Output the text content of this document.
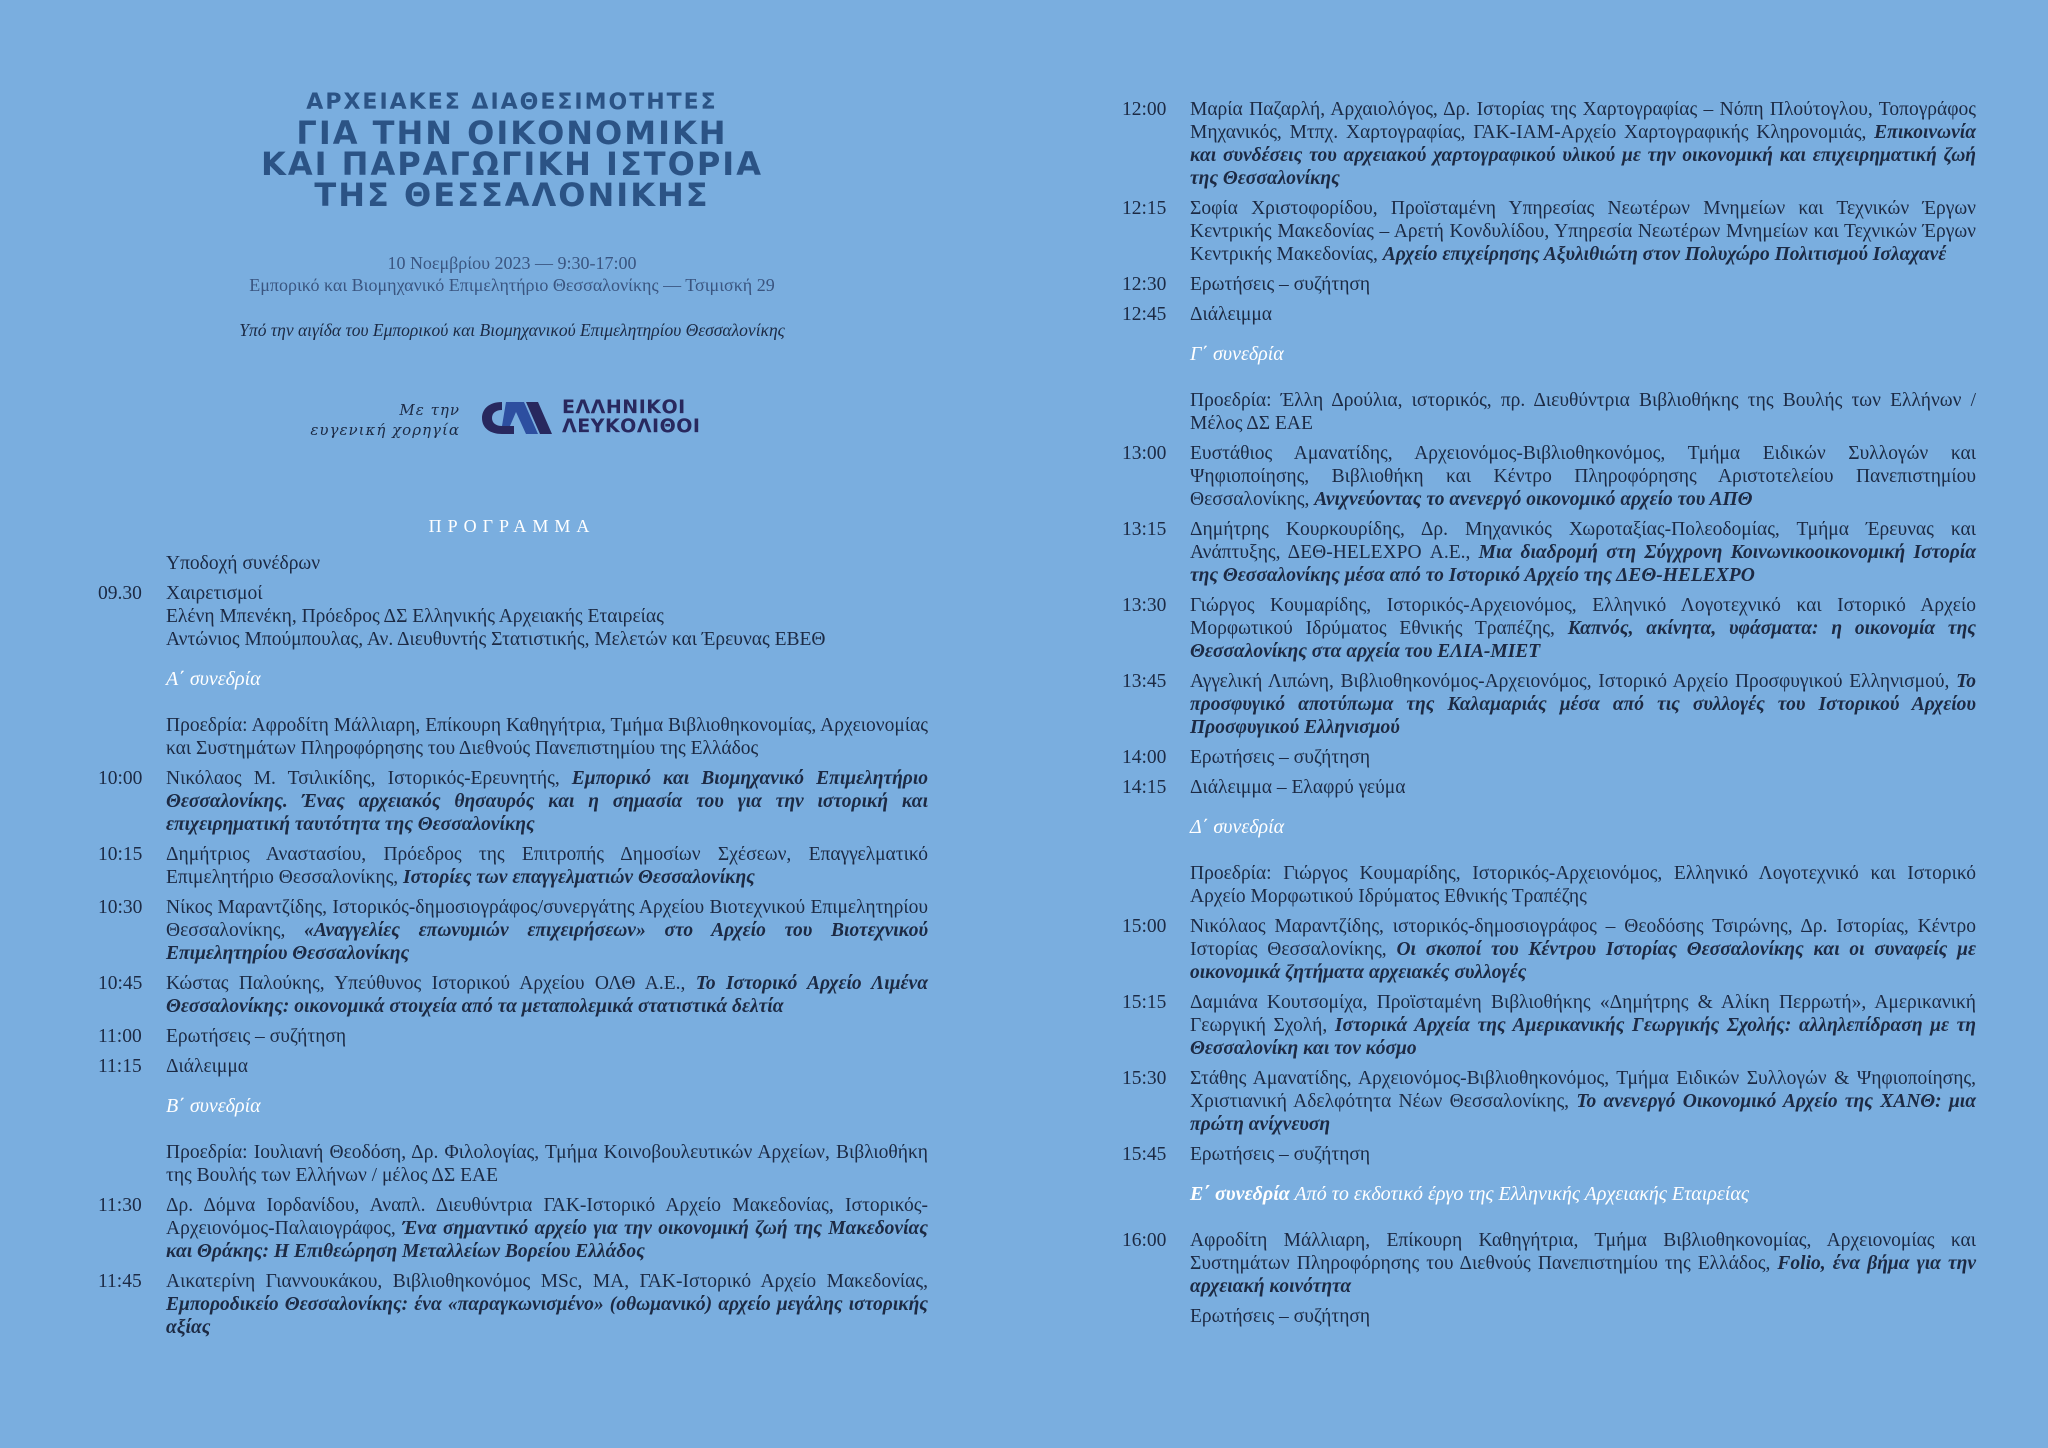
ΑΡΧΕΙΑΚΕΣ ΔΙΑΘΕΣΙΜΟΤΗΤΕΣ
ΓΙΑ ΤΗΝ ΟΙΚΟΝΟΜΙΚΗ
ΚΑΙ ΠΑΡΑΓΩΓΙΚΗ ΙΣΤΟΡΙΑ
ΤΗΣ ΘΕΣΣΑΛΟΝΙΚΗΣ
10 Νοεμβρίου 2023 — 9:30-17:00
Εμπορικό και Βιομηχανικό Επιμελητήριο Θεσσαλονίκης — Τσιμισκή 29
Υπό την αιγίδα του Εμπορικού και Βιομηχανικού Επιμελητηρίου Θεσσαλονίκης
Με την
ευγενική χορηγία
ΕΛΛΗΝΙΚΟΙ
ΛΕΥΚΟΛΙΘΟΙ
ΠΡΟΓΡΑΜΜΑ
Υποδοχή συνέδρων
09.30	Χαιρετισμοί
Ελένη Μπενέκη, Πρόεδρος ΔΣ Ελληνικής Αρχειακής Εταιρείας
Αντώνιος Μπούμπουλας, Αν. Διευθυντής Στατιστικής, Μελετών και Έρευνας ΕΒΕΘ
Α΄ συνεδρία
Προεδρία: Αφροδίτη Μάλλιαρη, Επίκουρη Καθηγήτρια, Τμήμα Βιβλιοθηκονομίας, Αρχειονομίας και Συστημάτων Πληροφόρησης του Διεθνούς Πανεπιστημίου της Ελλάδος
10:00	Νικόλαος Μ. Τσιλικίδης, Ιστορικός-Ερευνητής, Εμπορικό και Βιομηχανικό Επιμελητήριο Θεσσαλονίκης. Ένας αρχειακός θησαυρός και η σημασία του για την ιστορική και επιχειρηματική ταυτότητα της Θεσσαλονίκης
10:15	Δημήτριος Αναστασίου, Πρόεδρος της Επιτροπής Δημοσίων Σχέσεων, Επαγγελματικό Επιμελητήριο Θεσσαλονίκης, Ιστορίες των επαγγελματιών Θεσσαλονίκης
10:30	Νίκος Μαραντζίδης, Ιστορικός-δημοσιογράφος/συνεργάτης Αρχείου Βιοτεχνικού Επιμελητηρίου Θεσσαλονίκης, «Αναγγελίες επωνυμιών επιχειρήσεων» στο Αρχείο του Βιοτεχνικού Επιμελητηρίου Θεσσαλονίκης
10:45	Κώστας Παλούκης, Υπεύθυνος Ιστορικού Αρχείου ΟΛΘ Α.Ε., Το Ιστορικό Αρχείο Λιμένα Θεσσαλονίκης: οικονομικά στοιχεία από τα μεταπολεμικά στατιστικά δελτία
11:00	Ερωτήσεις – συζήτηση
11:15	Διάλειμμα
Β΄ συνεδρία
Προεδρία: Ιουλιανή Θεοδόση, Δρ. Φιλολογίας, Τμήμα Κοινοβουλευτικών Αρχείων, Βιβλιοθήκη της Βουλής των Ελλήνων / μέλος ΔΣ ΕΑΕ
11:30	Δρ. Δόμνα Ιορδανίδου, Αναπλ. Διευθύντρια ΓΑΚ-Ιστορικό Αρχείο Μακεδονίας, Ιστορικός-Αρχειονόμος-Παλαιογράφος, Ένα σημαντικό αρχείο για την οικονομική ζωή της Μακεδονίας και Θράκης: Η Επιθεώρηση Μεταλλείων Βορείου Ελλάδος
11:45	Αικατερίνη Γιαννουκάκου, Βιβλιοθηκονόμος MSc, MA, ΓΑΚ-Ιστορικό Αρχείο Μακεδονίας, Εμποροδικείο Θεσσαλονίκης: ένα «παραγκωνισμένο» (οθωμανικό) αρχείο μεγάλης ιστορικής αξίας
12:00	Μαρία Παζαρλή, Αρχαιολόγος, Δρ. Ιστορίας της Χαρτογραφίας – Νόπη Πλούτογλου, Τοπογράφος Μηχανικός, Μτπχ. Χαρτογραφίας, ΓΑΚ-ΙΑΜ-Αρχείο Χαρτογραφικής Κληρονομιάς, Επικοινωνία και συνδέσεις του αρχειακού χαρτογραφικού υλικού με την οικονομική και επιχειρηματική ζωή της Θεσσαλονίκης
12:15	Σοφία Χριστοφορίδου, Προϊσταμένη Υπηρεσίας Νεωτέρων Μνημείων και Τεχνικών Έργων Κεντρικής Μακεδονίας – Αρετή Κονδυλίδου, Υπηρεσία Νεωτέρων Μνημείων και Τεχνικών Έργων Κεντρικής Μακεδονίας, Αρχείο επιχείρησης Αξυλιθιώτη στον Πολυχώρο Πολιτισμού Ισλαχανέ
12:30	Ερωτήσεις – συζήτηση
12:45	Διάλειμμα
Γ΄ συνεδρία
Προεδρία: Έλλη Δρούλια, ιστορικός, πρ. Διευθύντρια Βιβλιοθήκης της Βουλής των Ελλήνων / Μέλος ΔΣ ΕΑΕ
13:00	Ευστάθιος Αμανατίδης, Αρχειονόμος-Βιβλιοθηκονόμος, Τμήμα Ειδικών Συλλογών και Ψηφιοποίησης, Βιβλιοθήκη και Κέντρο Πληροφόρησης Αριστοτελείου Πανεπιστημίου Θεσσαλονίκης, Ανιχνεύοντας το ανενεργό οικονομικό αρχείο του ΑΠΘ
13:15	Δημήτρης Κουρκουρίδης, Δρ. Μηχανικός Χωροταξίας-Πολεοδομίας, Τμήμα Έρευνας και Ανάπτυξης, ΔΕΘ-HELEXPO Α.Ε., Μια διαδρομή στη Σύγχρονη Κοινωνικοοικονομική Ιστορία της Θεσσαλονίκης μέσα από το Ιστορικό Αρχείο της ΔΕΘ-HELEXPO
13:30	Γιώργος Κουμαρίδης, Ιστορικός-Αρχειονόμος, Ελληνικό Λογοτεχνικό και Ιστορικό Αρχείο Μορφωτικού Ιδρύματος Εθνικής Τραπέζης, Καπνός, ακίνητα, υφάσματα: η οικονομία της Θεσσαλονίκης στα αρχεία του ΕΛΙΑ-ΜΙΕΤ
13:45	Αγγελική Λιπώνη, Βιβλιοθηκονόμος-Αρχειονόμος, Ιστορικό Αρχείο Προσφυγικού Ελληνισμού, Το προσφυγικό αποτύπωμα της Καλαμαριάς μέσα από τις συλλογές του Ιστορικού Αρχείου Προσφυγικού Ελληνισμού
14:00	Ερωτήσεις – συζήτηση
14:15	Διάλειμμα – Ελαφρύ γεύμα
Δ΄ συνεδρία
Προεδρία: Γιώργος Κουμαρίδης, Ιστορικός-Αρχειονόμος, Ελληνικό Λογοτεχνικό και Ιστορικό Αρχείο Μορφωτικού Ιδρύματος Εθνικής Τραπέζης
15:00	Νικόλαος Μαραντζίδης, ιστορικός-δημοσιογράφος – Θεοδόσης Τσιρώνης, Δρ. Ιστορίας, Κέντρο Ιστορίας Θεσσαλονίκης, Οι σκοποί του Κέντρου Ιστορίας Θεσσαλονίκης και οι συναφείς με οικονομικά ζητήματα αρχειακές συλλογές
15:15	Δαμιάνα Κουτσομίχα, Προϊσταμένη Βιβλιοθήκης «Δημήτρης & Αλίκη Περρωτή», Αμερικανική Γεωργική Σχολή, Ιστορικά Αρχεία της Αμερικανικής Γεωργικής Σχολής: αλληλεπίδραση με τη Θεσσαλονίκη και τον κόσμο
15:30	Στάθης Αμανατίδης, Αρχειονόμος-Βιβλιοθηκονόμος, Τμήμα Ειδικών Συλλογών & Ψηφιοποίησης, Χριστιανική Αδελφότητα Νέων Θεσσαλονίκης, Το ανενεργό Οικονομικό Αρχείο της ΧΑΝΘ: μια πρώτη ανίχνευση
15:45	Ερωτήσεις – συζήτηση
Ε΄ συνεδρία Από το εκδοτικό έργο της Ελληνικής Αρχειακής Εταιρείας
16:00	Αφροδίτη Μάλλιαρη, Επίκουρη Καθηγήτρια, Τμήμα Βιβλιοθηκονομίας, Αρχειονομίας και Συστημάτων Πληροφόρησης του Διεθνούς Πανεπιστημίου της Ελλάδος, Folio, ένα βήμα για την αρχειακή κοινότητα
Ερωτήσεις – συζήτηση
